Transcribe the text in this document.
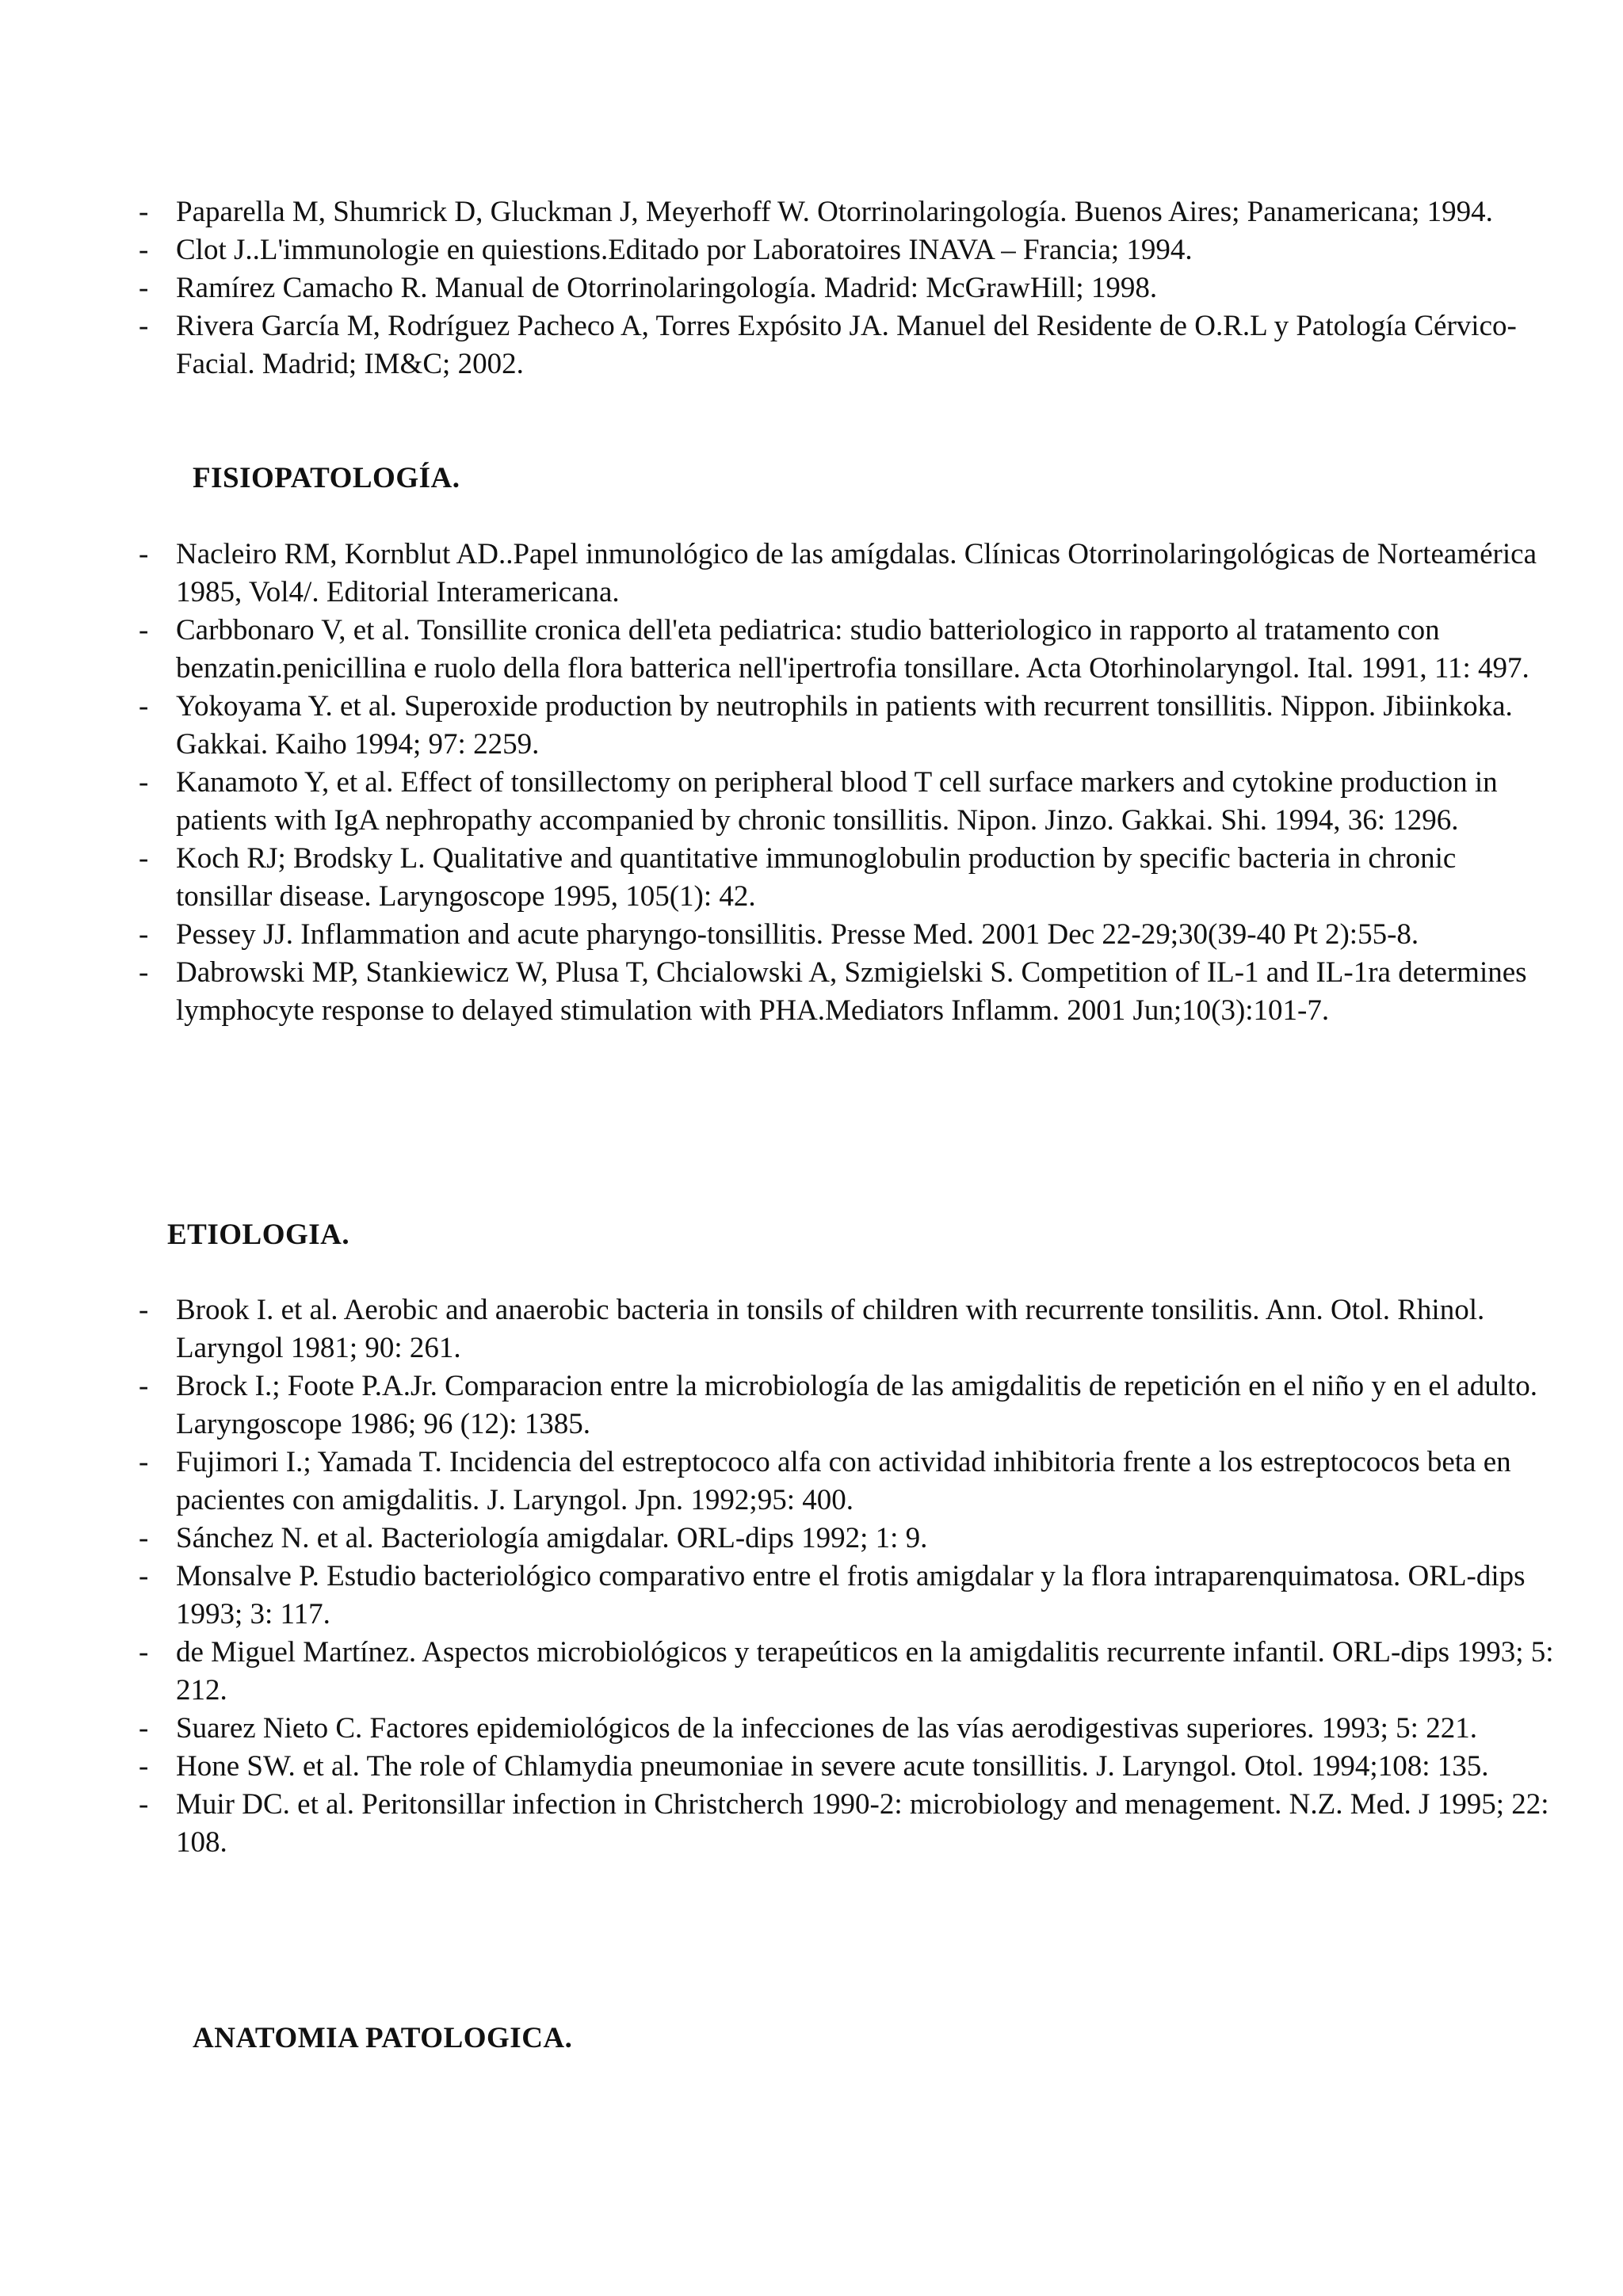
- Paparella M, Shumrick D, Gluckman J, Meyerhoff W. Otorrinolaringología. Buenos Aires; Panamericana; 1994.
- Clot J..L'immunologie en quiestions.Editado por Laboratoires INAVA – Francia; 1994.
- Ramírez Camacho R. Manual de Otorrinolaringología. Madrid: McGrawHill; 1998.
- Rivera García M, Rodríguez Pacheco A, Torres Expósito JA. Manuel del Residente de O.R.L y Patología Cérvico-Facial. Madrid; IM&C; 2002.
FISIOPATOLOGÍA.
- Nacleiro RM, Kornblut AD..Papel inmunológico de las amígdalas. Clínicas Otorrinolaringológicas de Norteamérica 1985, Vol4/. Editorial Interamericana.
- Carbbonaro V, et al. Tonsillite cronica dell'eta pediatrica: studio batteriologico in rapporto al tratamento con benzatin.penicillina e ruolo della flora batterica nell'ipertrofia tonsillare. Acta Otorhinolaryngol. Ital. 1991, 11: 497.
- Yokoyama Y. et al. Superoxide production by neutrophils in patients with recurrent tonsillitis. Nippon. Jibiinkoka. Gakkai. Kaiho 1994; 97: 2259.
- Kanamoto Y, et al. Effect of tonsillectomy on peripheral blood T cell surface markers and cytokine production in patients with IgA nephropathy accompanied by chronic tonsillitis. Nipon. Jinzo. Gakkai. Shi. 1994, 36: 1296.
- Koch RJ; Brodsky L. Qualitative and quantitative immunoglobulin production by specific bacteria in chronic tonsillar disease. Laryngoscope 1995, 105(1): 42.
- Pessey JJ. Inflammation and acute pharyngo-tonsillitis. Presse Med. 2001 Dec 22-29;30(39-40 Pt 2):55-8.
- Dabrowski MP, Stankiewicz W, Plusa T, Chcialowski A, Szmigielski S. Competition of IL-1 and IL-1ra determines lymphocyte response to delayed stimulation with PHA.Mediators Inflamm. 2001 Jun;10(3):101-7.
ETIOLOGIA.
- Brook I. et al. Aerobic and anaerobic bacteria in tonsils of children with recurrente tonsilitis. Ann. Otol. Rhinol. Laryngol 1981; 90: 261.
- Brock I.; Foote P.A.Jr. Comparacion entre la microbiología de las amigdalitis de repetición en el niño y en el adulto. Laryngoscope 1986; 96 (12): 1385.
- Fujimori I.; Yamada T. Incidencia del estreptococo alfa con actividad inhibitoria frente a los estreptococos beta en pacientes con amigdalitis. J. Laryngol. Jpn. 1992;95: 400.
- Sánchez N. et al. Bacteriología amigdalar. ORL-dips 1992; 1: 9.
- Monsalve P. Estudio bacteriológico comparativo entre el frotis amigdalar y la flora intraparenquimatosa. ORL-dips 1993; 3: 117.
- de Miguel Martínez. Aspectos microbiológicos y terapeúticos en la amigdalitis recurrente infantil. ORL-dips 1993; 5: 212.
- Suarez Nieto C. Factores epidemiológicos de la infecciones de las vías aerodigestivas superiores. 1993; 5: 221.
- Hone SW. et al. The role of Chlamydia pneumoniae in severe acute tonsillitis. J. Laryngol. Otol. 1994;108: 135.
- Muir DC. et al. Peritonsillar infection in Christcherch 1990-2: microbiology and menagement. N.Z. Med. J 1995; 22: 108.
ANATOMIA PATOLOGICA.
